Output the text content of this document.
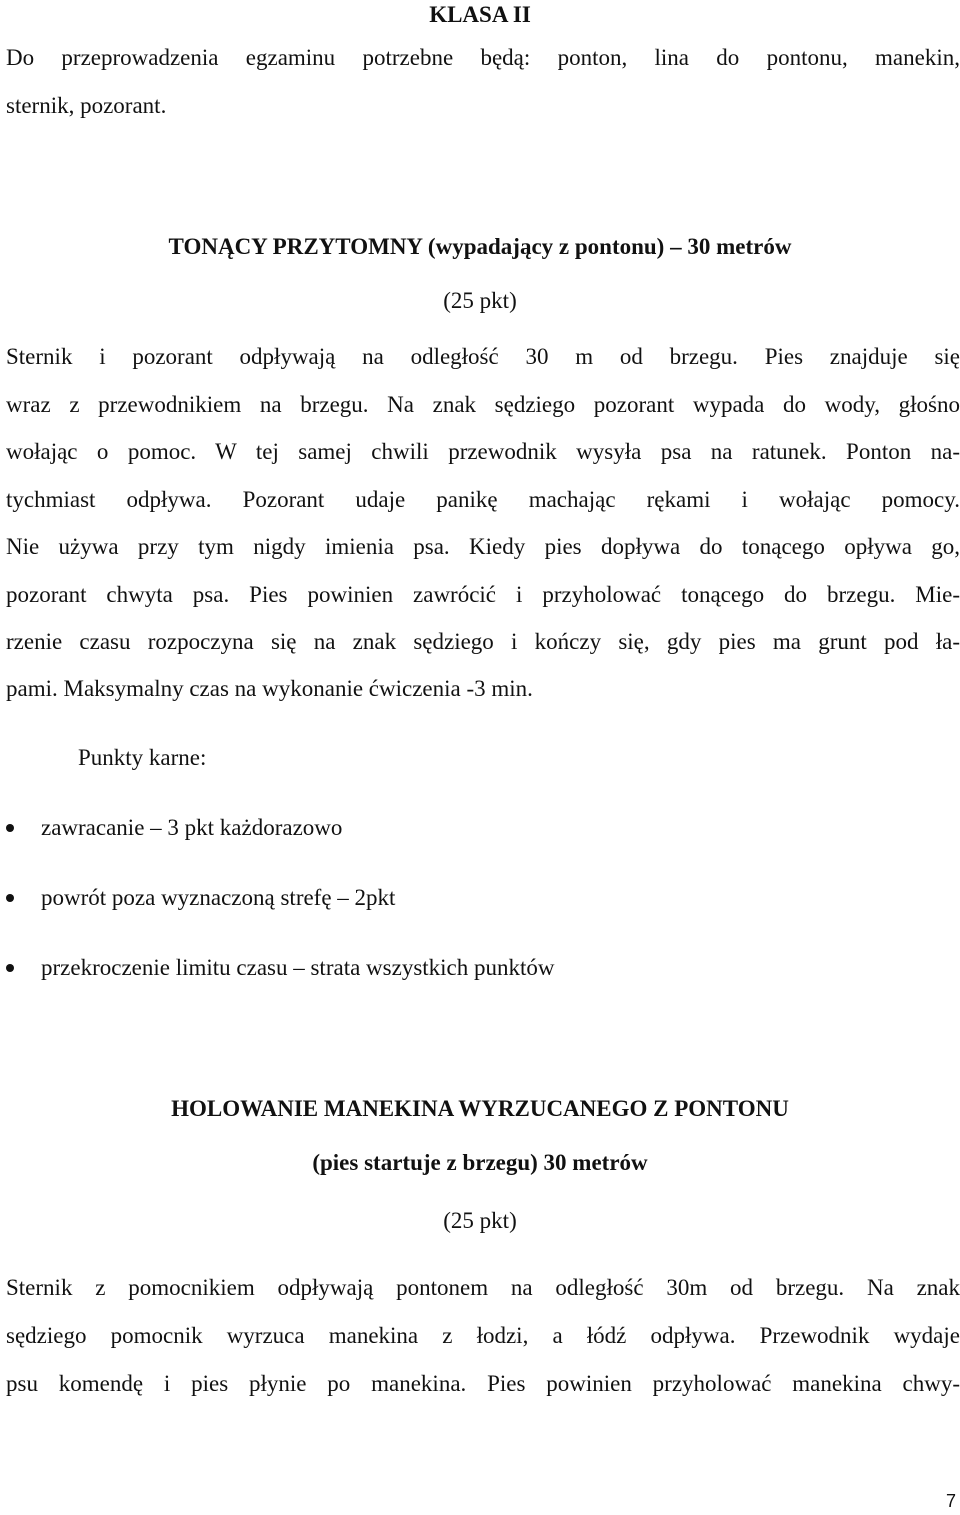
KLASA II
Do przeprowadzenia egzaminu potrzebne będą: ponton, lina do pontonu, manekin,
sternik, pozorant.
TONĄCY PRZYTOMNY (wypadający z pontonu) – 30 metrów
(25 pkt)
Sternik i pozorant odpływają na odległość 30 m od brzegu. Pies znajduje się
wraz z przewodnikiem na brzegu. Na znak sędziego pozorant wypada do wody, głośno
wołając o pomoc. W tej samej chwili przewodnik wysyła psa na ratunek. Ponton na-
tychmiast odpływa. Pozorant udaje panikę machając rękami i wołając pomocy.
Nie używa przy tym nigdy imienia psa. Kiedy pies dopływa do tonącego opływa go,
pozorant chwyta psa. Pies powinien zawrócić i przyholować tonącego do brzegu. Mie-
rzenie czasu rozpoczyna się na znak sędziego i kończy się, gdy pies ma grunt pod ła-
pami. Maksymalny czas na wykonanie ćwiczenia -3 min.
Punkty karne:
zawracanie – 3 pkt każdorazowo
powrót poza wyznaczoną strefę – 2pkt
przekroczenie limitu czasu – strata wszystkich punktów
HOLOWANIE MANEKINA WYRZUCANEGO Z PONTONU
(pies startuje z brzegu) 30 metrów
(25 pkt)
Sternik z pomocnikiem odpływają pontonem na odległość 30m od brzegu. Na znak
sędziego pomocnik wyrzuca manekina z łodzi, a łódź odpływa. Przewodnik wydaje
psu komendę i pies płynie po manekina. Pies powinien przyholować manekina chwy-
7
